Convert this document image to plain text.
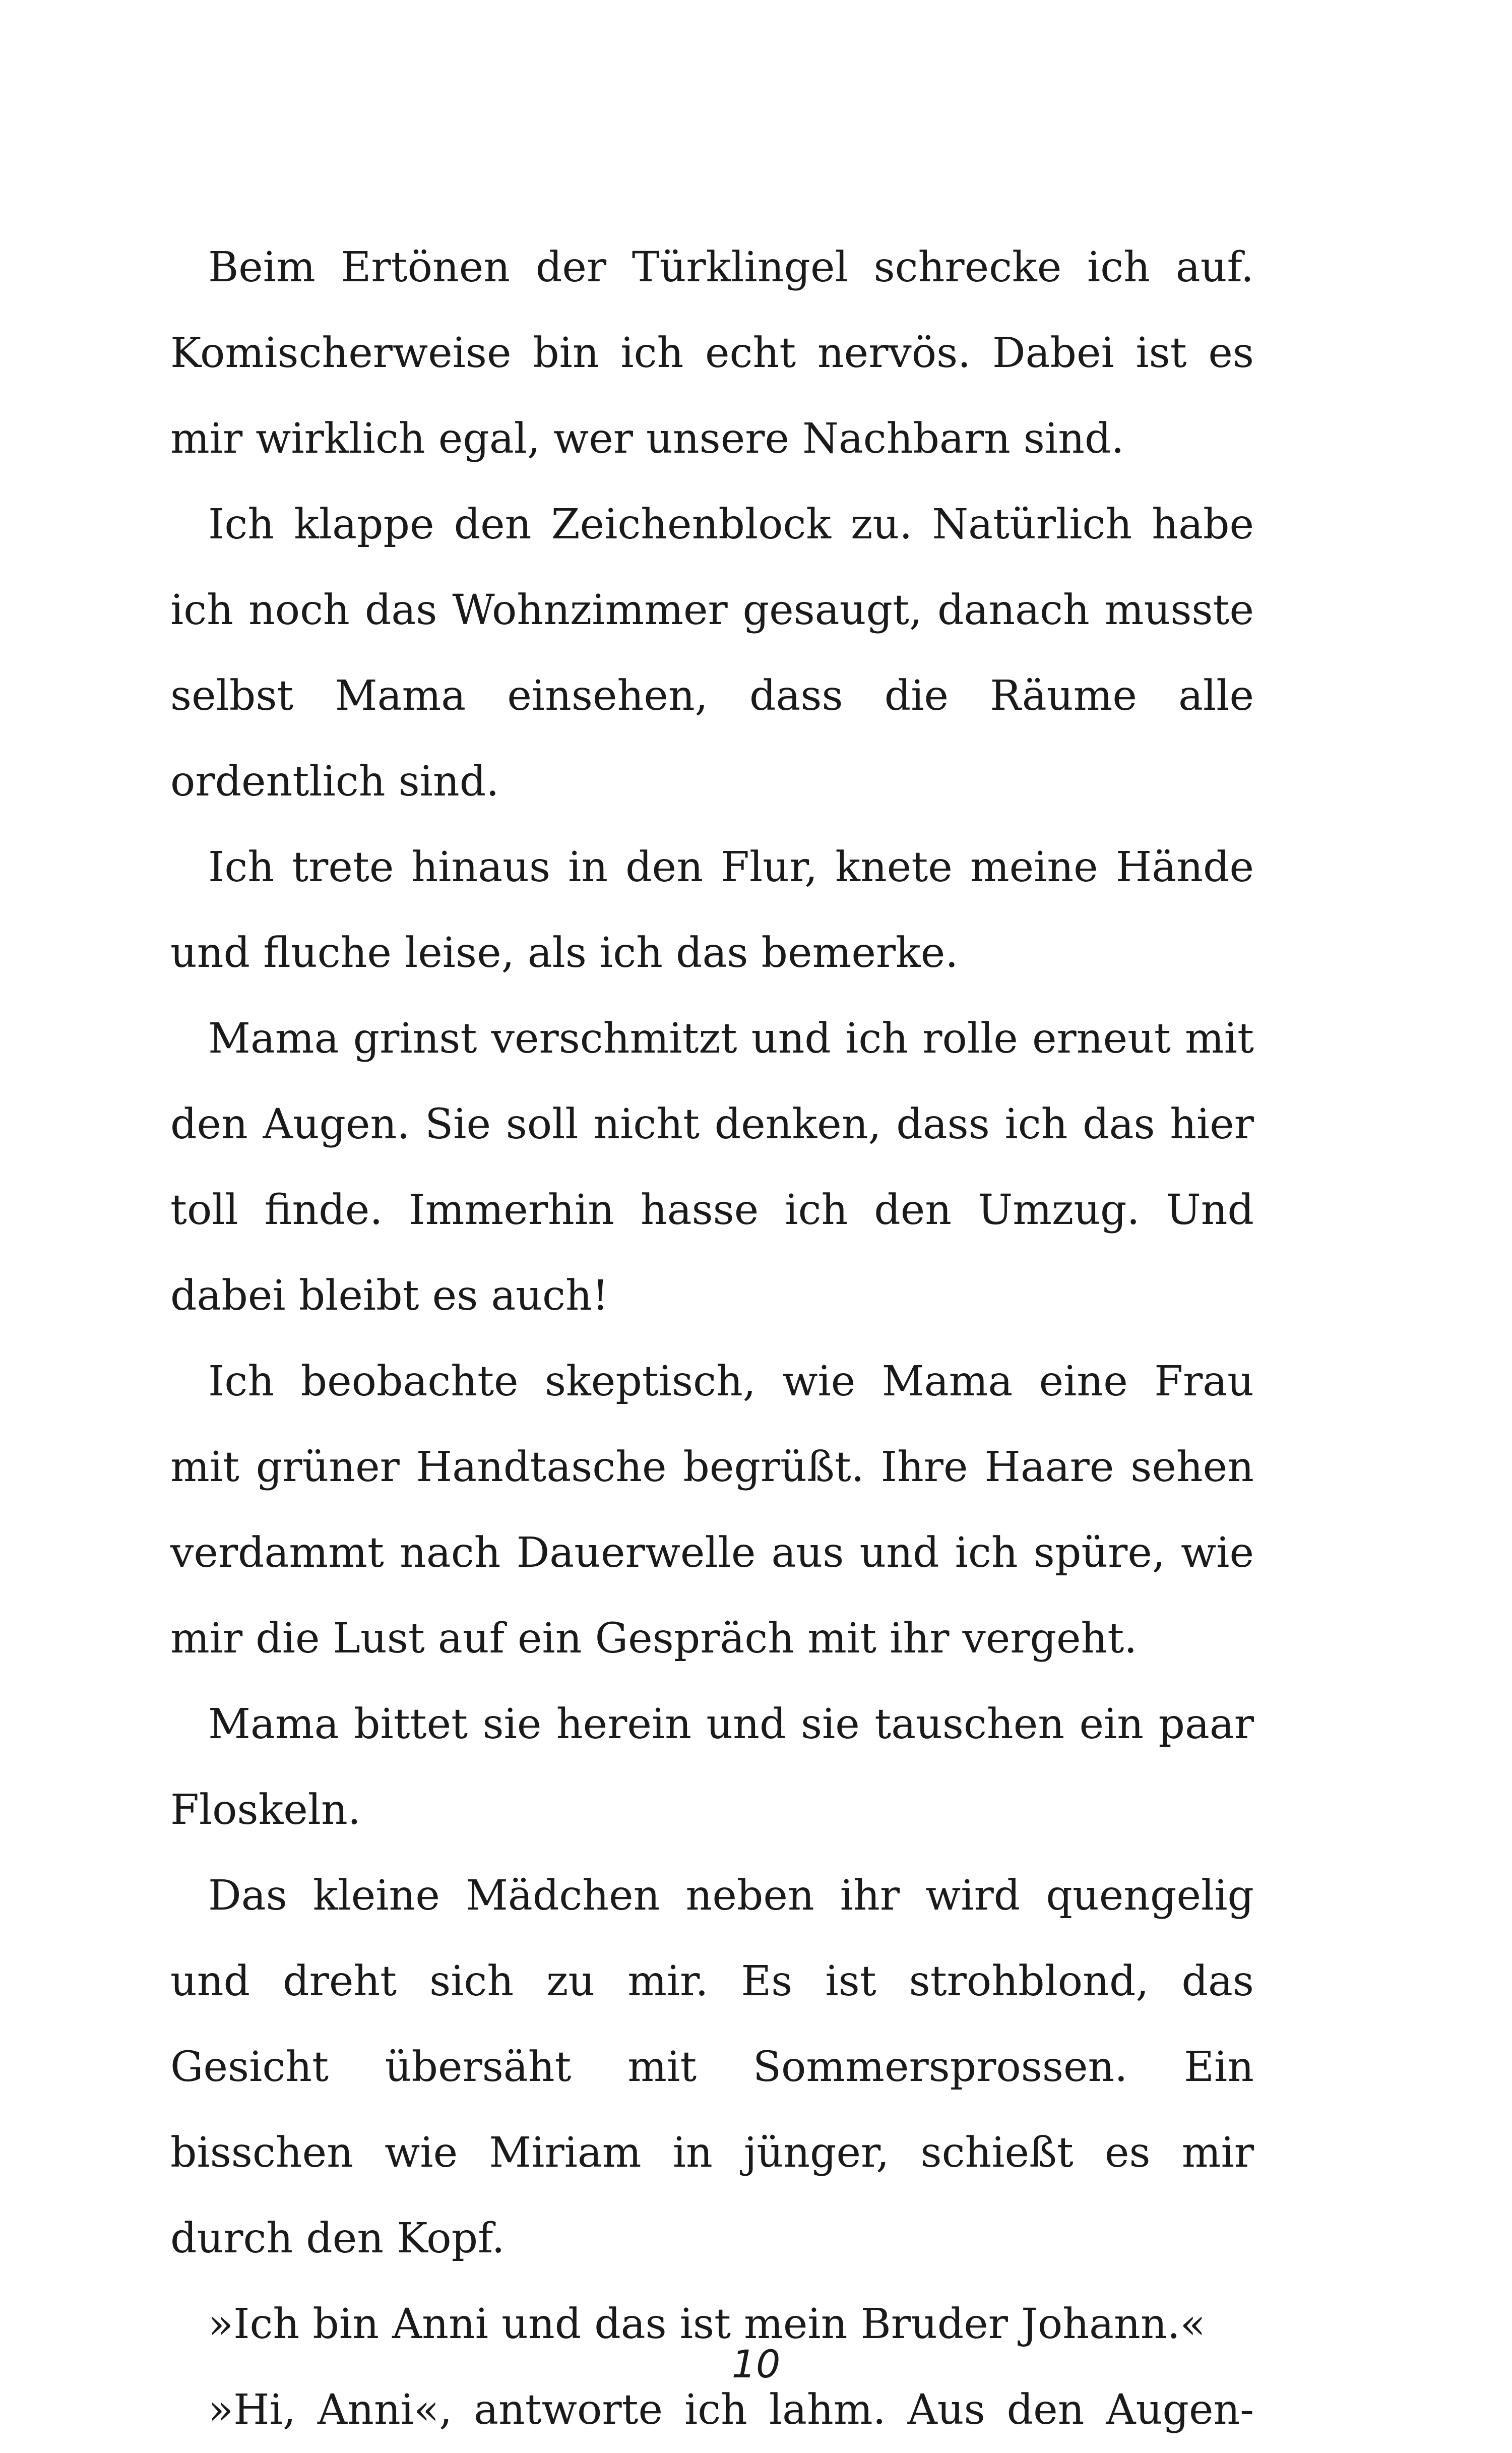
Beim Ertönen der Türklingel schrecke ich auf. Komischerweise bin ich echt nervös. Dabei ist es mir wirklich egal, wer unsere Nachbarn sind.

Ich klappe den Zeichenblock zu. Natürlich habe ich noch das Wohnzimmer gesaugt, danach musste selbst Mama einsehen, dass die Räume alle ordentlich sind.

Ich trete hinaus in den Flur, knete meine Hände und fluche leise, als ich das bemerke.

Mama grinst verschmitzt und ich rolle erneut mit den Augen. Sie soll nicht denken, dass ich das hier toll finde. Immerhin hasse ich den Umzug. Und dabei bleibt es auch!

Ich beobachte skeptisch, wie Mama eine Frau mit grüner Handtasche begrüßt. Ihre Haare sehen verdammt nach Dauerwelle aus und ich spüre, wie mir die Lust auf ein Gespräch mit ihr vergeht.

Mama bittet sie herein und sie tauschen ein paar Floskeln.

Das kleine Mädchen neben ihr wird quengelig und dreht sich zu mir. Es ist strohblond, das Gesicht übersäht mit Sommersprossen. Ein bisschen wie Miriam in jünger, schießt es mir durch den Kopf.

»Ich bin Anni und das ist mein Bruder Johann.«

»Hi, Anni«, antworte ich lahm. Aus den Augen-

10
